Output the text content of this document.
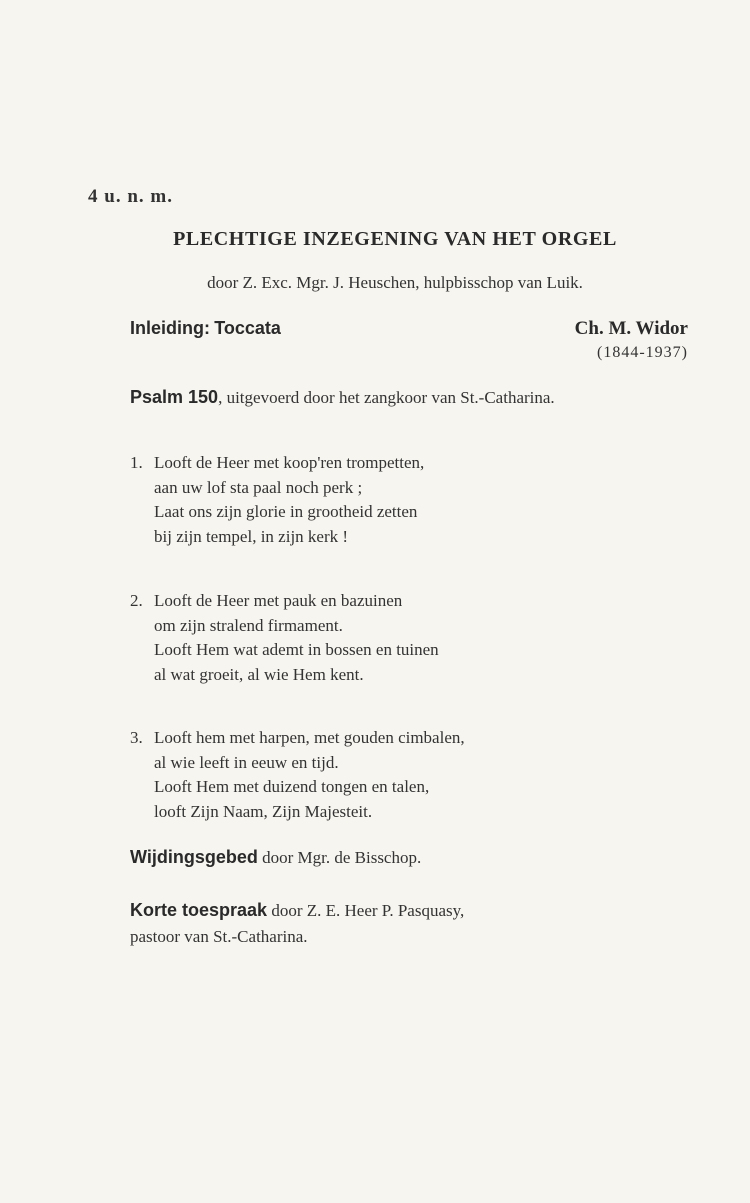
4 u. n. m.
PLECHTIGE INZEGENING VAN HET ORGEL
door Z. Exc. Mgr. J. Heuschen, hulpbisschop van Luik.
Inleiding: Toccata	Ch. M. Widor
(1844-1937)
Psalm 150, uitgevoerd door het zangkoor van St.-Catharina.
1. Looft de Heer met koop'ren trompetten,
aan uw lof sta paal noch perk ;
Laat ons zijn glorie in grootheid zetten
bij zijn tempel, in zijn kerk !
2. Looft de Heer met pauk en bazuinen
om zijn stralend firmament.
Looft Hem wat ademt in bossen en tuinen
al wat groeit, al wie Hem kent.
3. Looft hem met harpen, met gouden cimbalen,
al wie leeft in eeuw en tijd.
Looft Hem met duizend tongen en talen,
looft Zijn Naam, Zijn Majesteit.
Wijdingsgebed door Mgr. de Bisschop.
Korte toespraak door Z. E. Heer P. Pasquasy,
pastoor van St.-Catharina.
